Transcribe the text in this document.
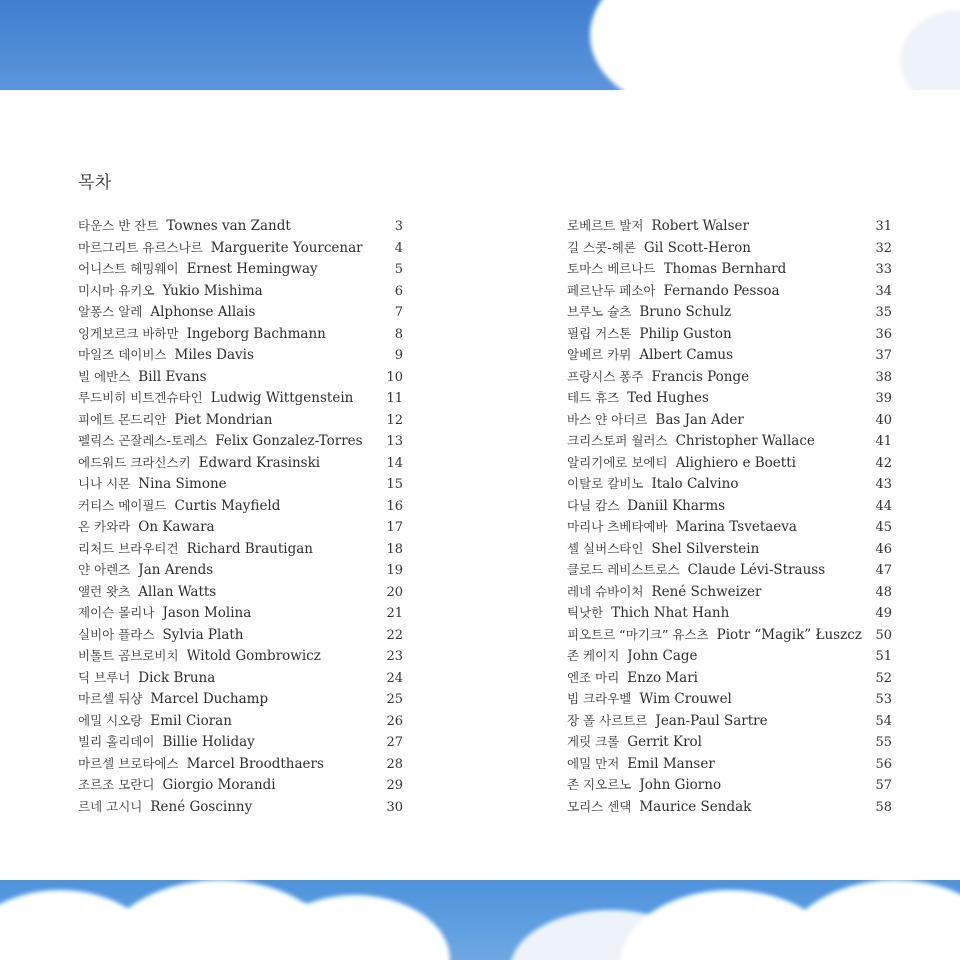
목차
타운스 반 잔트 Townes van Zandt	3
마르그리트 유르스나르 Marguerite Yourcenar	4
어니스트 헤밍웨이 Ernest Hemingway	5
미시마 유키오 Yukio Mishima	6
알퐁스 알레 Alphonse Allais	7
잉게보르크 바하만 Ingeborg Bachmann	8
마일즈 데이비스 Miles Davis	9
빌 에반스 Bill Evans	10
루드비히 비트겐슈타인 Ludwig Wittgenstein	11
피에트 몬드리안 Piet Mondrian	12
펠릭스 곤잘레스-토레스 Felix Gonzalez-Torres	13
에드워드 크라신스키 Edward Krasinski	14
니나 시몬 Nina Simone	15
커티스 메이필드 Curtis Mayfield	16
온 카와라 On Kawara	17
리처드 브라우티건 Richard Brautigan	18
얀 아렌즈 Jan Arends	19
앨런 왓츠 Allan Watts	20
제이슨 몰리나 Jason Molina	21
실비아 플라스 Sylvia Plath	22
비톨트 곰브로비치 Witold Gombrowicz	23
딕 브루너 Dick Bruna	24
마르셀 뒤샹 Marcel Duchamp	25
에밀 시오랑 Emil Cioran	26
빌리 홀리데이 Billie Holiday	27
마르셀 브로타에스 Marcel Broodthaers	28
조르조 모란디 Giorgio Morandi	29
르네 고시니 René Goscinny	30
로베르트 발저 Robert Walser	31
길 스콧-헤론 Gil Scott-Heron	32
토마스 베르나드 Thomas Bernhard	33
페르난두 페소아 Fernando Pessoa	34
브루노 슐츠 Bruno Schulz	35
필립 거스톤 Philip Guston	36
알베르 카뮈 Albert Camus	37
프랑시스 퐁주 Francis Ponge	38
테드 휴즈 Ted Hughes	39
바스 얀 아더르 Bas Jan Ader	40
크리스토퍼 월러스 Christopher Wallace	41
알리기에로 보에티 Alighiero e Boetti	42
이탈로 칼비노 Italo Calvino	43
다닐 캄스 Daniil Kharms	44
마리나 츠베타예바 Marina Tsvetaeva	45
셸 실버스타인 Shel Silverstein	46
클로드 레비스트로스 Claude Lévi-Strauss	47
레네 슈바이처 René Schweizer	48
틱낫한 Thich Nhat Hanh	49
피오트르 “마기크” 유스츠 Piotr “Magik” Łuszcz	50
존 케이지 John Cage	51
엔조 마리 Enzo Mari	52
빔 크라우벨 Wim Crouwel	53
장 폴 사르트르 Jean-Paul Sartre	54
게릿 크롤 Gerrit Krol	55
에밀 만저 Emil Manser	56
존 지오르노 John Giorno	57
모리스 센댁 Maurice Sendak	58
